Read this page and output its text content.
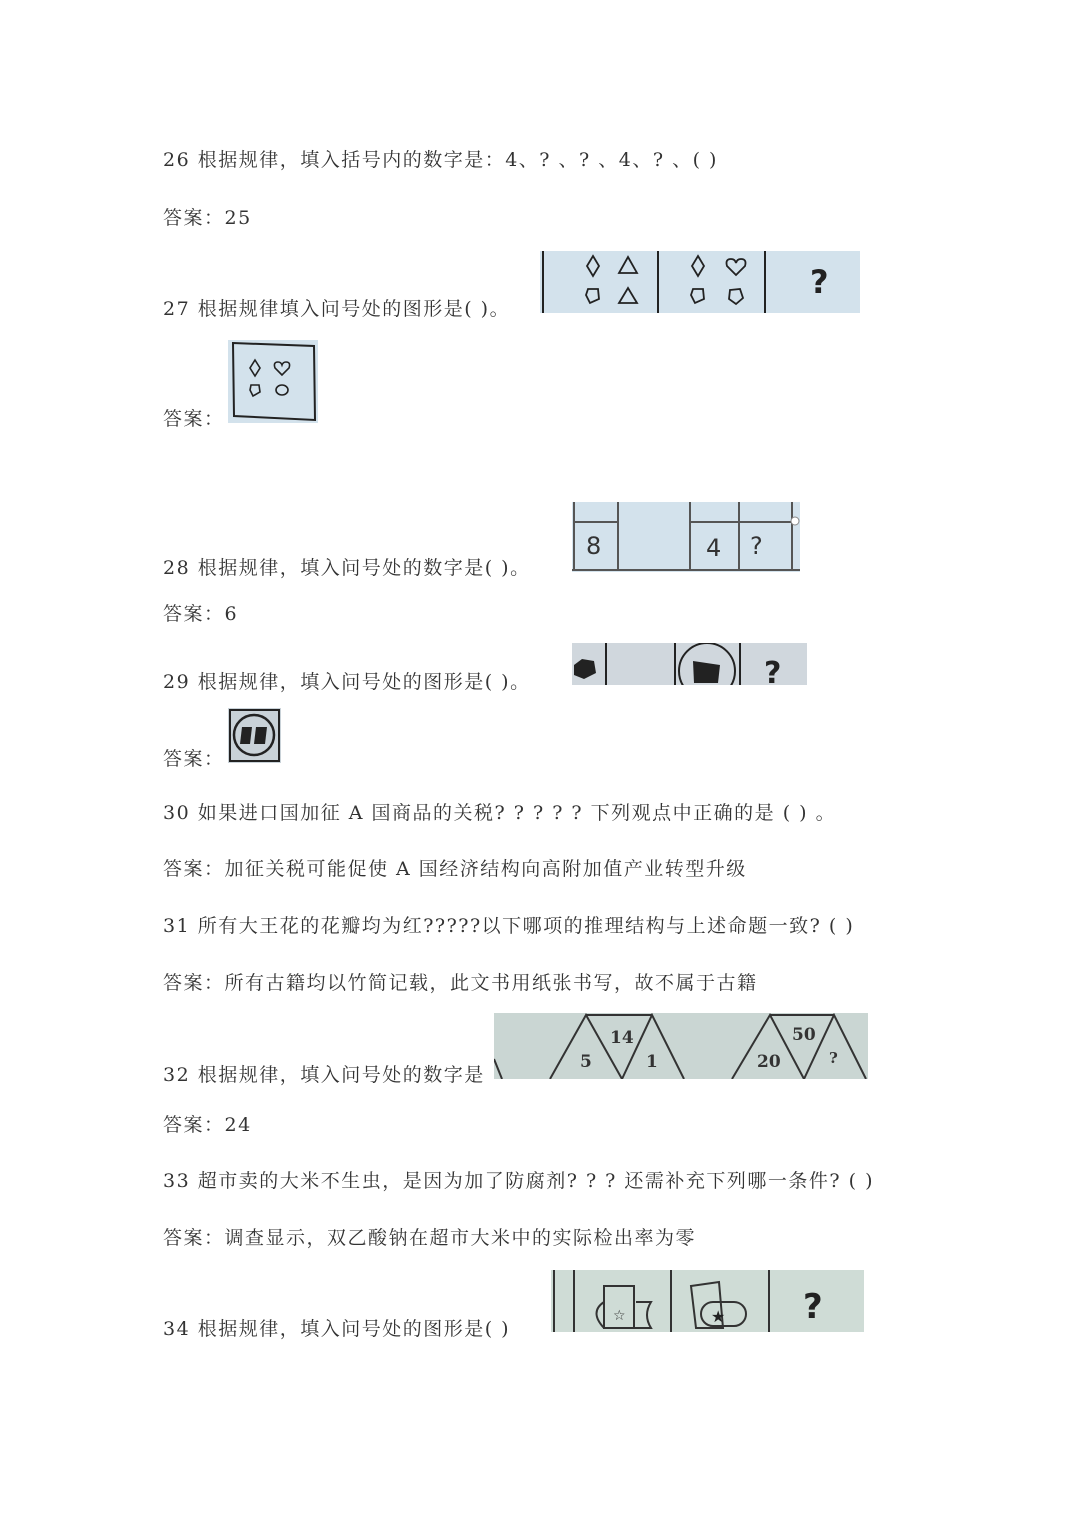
26 根据规律，填入括号内的数字是：4、? 、? 、4、? 、( )
答案：25
27 根据规律填入问号处的图形是( )。
?
答案：
28 根据规律，填入问号处的数字是( )。
8	4 ?
答案：6
29 根据规律，填入问号处的图形是( )。	?
答案：
30 如果进口国加征 A 国商品的关税? ? ? ? ? 下列观点中正确的是 ( ) 。
答案：加征关税可能促使 A 国经济结构向高附加值产业转型升级
31 所有大王花的花瓣均为红?????以下哪项的推理结构与上述命题一致? ( )
答案：所有古籍均以竹简记载，此文书用纸张书写，故不属于古籍
32 根据规律，填入问号处的数字是
14
5	1
50
20	?
答案：24
33 超市卖的大米不生虫，是因为加了防腐剂? ? ? 还需补充下列哪一条件? ( )
答案：调查显示，双乙酸钠在超市大米中的实际检出率为零
34 根据规律，填入问号处的图形是( )
☆	★ ?
